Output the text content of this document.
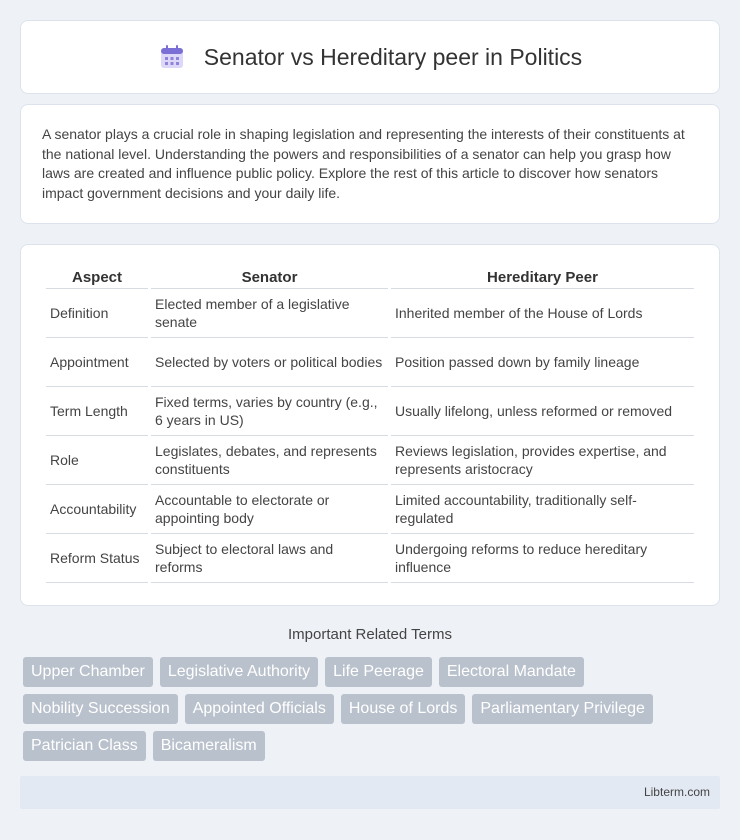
Senator vs Hereditary peer in Politics

A senator plays a crucial role in shaping legislation and representing the interests of their constituents at the national level. Understanding the powers and responsibilities of a senator can help you grasp how laws are created and influence public policy. Explore the rest of this article to discover how senators impact government decisions and your daily life.

Aspect	Senator	Hereditary Peer
Definition	Elected member of a legislative senate	Inherited member of the House of Lords
Appointment	Selected by voters or political bodies	Position passed down by family lineage
Term Length	Fixed terms, varies by country (e.g., 6 years in US)	Usually lifelong, unless reformed or removed
Role	Legislates, debates, and represents constituents	Reviews legislation, provides expertise, and represents aristocracy
Accountability	Accountable to electorate or appointing body	Limited accountability, traditionally self-regulated
Reform Status	Subject to electoral laws and reforms	Undergoing reforms to reduce hereditary influence
Important Related Terms
Upper Chamber	Legislative Authority	Life Peerage	Electoral Mandate
Nobility Succession	Appointed Officials	House of Lords	Parliamentary Privilege
Patrician Class	Bicameralism
Libterm.com
